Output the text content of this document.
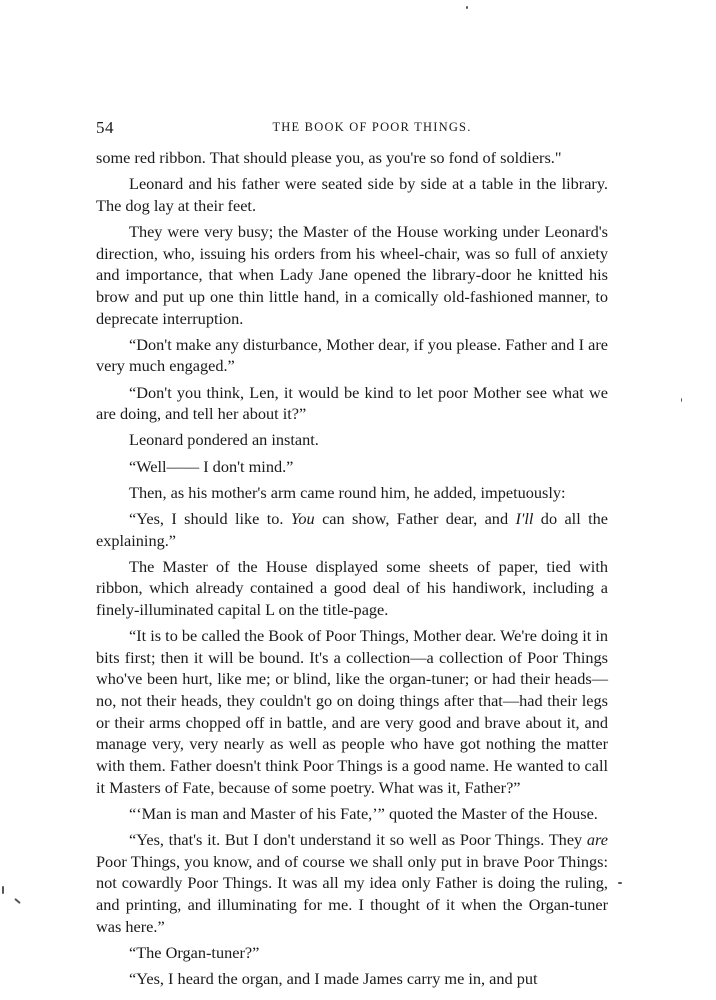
54	THE BOOK OF POOR THINGS.

some red ribbon. That should please you, as you're so fond of soldiers."

Leonard and his father were seated side by side at a table in the library. The dog lay at their feet.

They were very busy; the Master of the House working under Leonard's direction, who, issuing his orders from his wheel-chair, was so full of anxiety and importance, that when Lady Jane opened the library-door he knitted his brow and put up one thin little hand, in a comically old-fashioned manner, to deprecate interruption.

“Don't make any disturbance, Mother dear, if you please. Father and I are very much engaged.”

“Don't you think, Len, it would be kind to let poor Mother see what we are doing, and tell her about it?”

Leonard pondered an instant.

“Well—— I don't mind.”

Then, as his mother's arm came round him, he added, impetuously:

“Yes, I should like to. You can show, Father dear, and I'll do all the explaining.”

The Master of the House displayed some sheets of paper, tied with ribbon, which already contained a good deal of his handiwork, including a finely-illuminated capital L on the title-page.

“It is to be called the Book of Poor Things, Mother dear. We're doing it in bits first; then it will be bound. It's a collection—a collection of Poor Things who've been hurt, like me; or blind, like the organ-tuner; or had their heads—no, not their heads, they couldn't go on doing things after that—had their legs or their arms chopped off in battle, and are very good and brave about it, and manage very, very nearly as well as people who have got nothing the matter with them. Father doesn't think Poor Things is a good name. He wanted to call it Masters of Fate, because of some poetry. What was it, Father?”

“‘Man is man and Master of his Fate,’” quoted the Master of the House.

“Yes, that's it. But I don't understand it so well as Poor Things. They are Poor Things, you know, and of course we shall only put in brave Poor Things: not cowardly Poor Things. It was all my idea only Father is doing the ruling, and printing, and illuminating for me. I thought of it when the Organ-tuner was here.”

“The Organ-tuner?”

“Yes, I heard the organ, and I made James carry me in, and put
